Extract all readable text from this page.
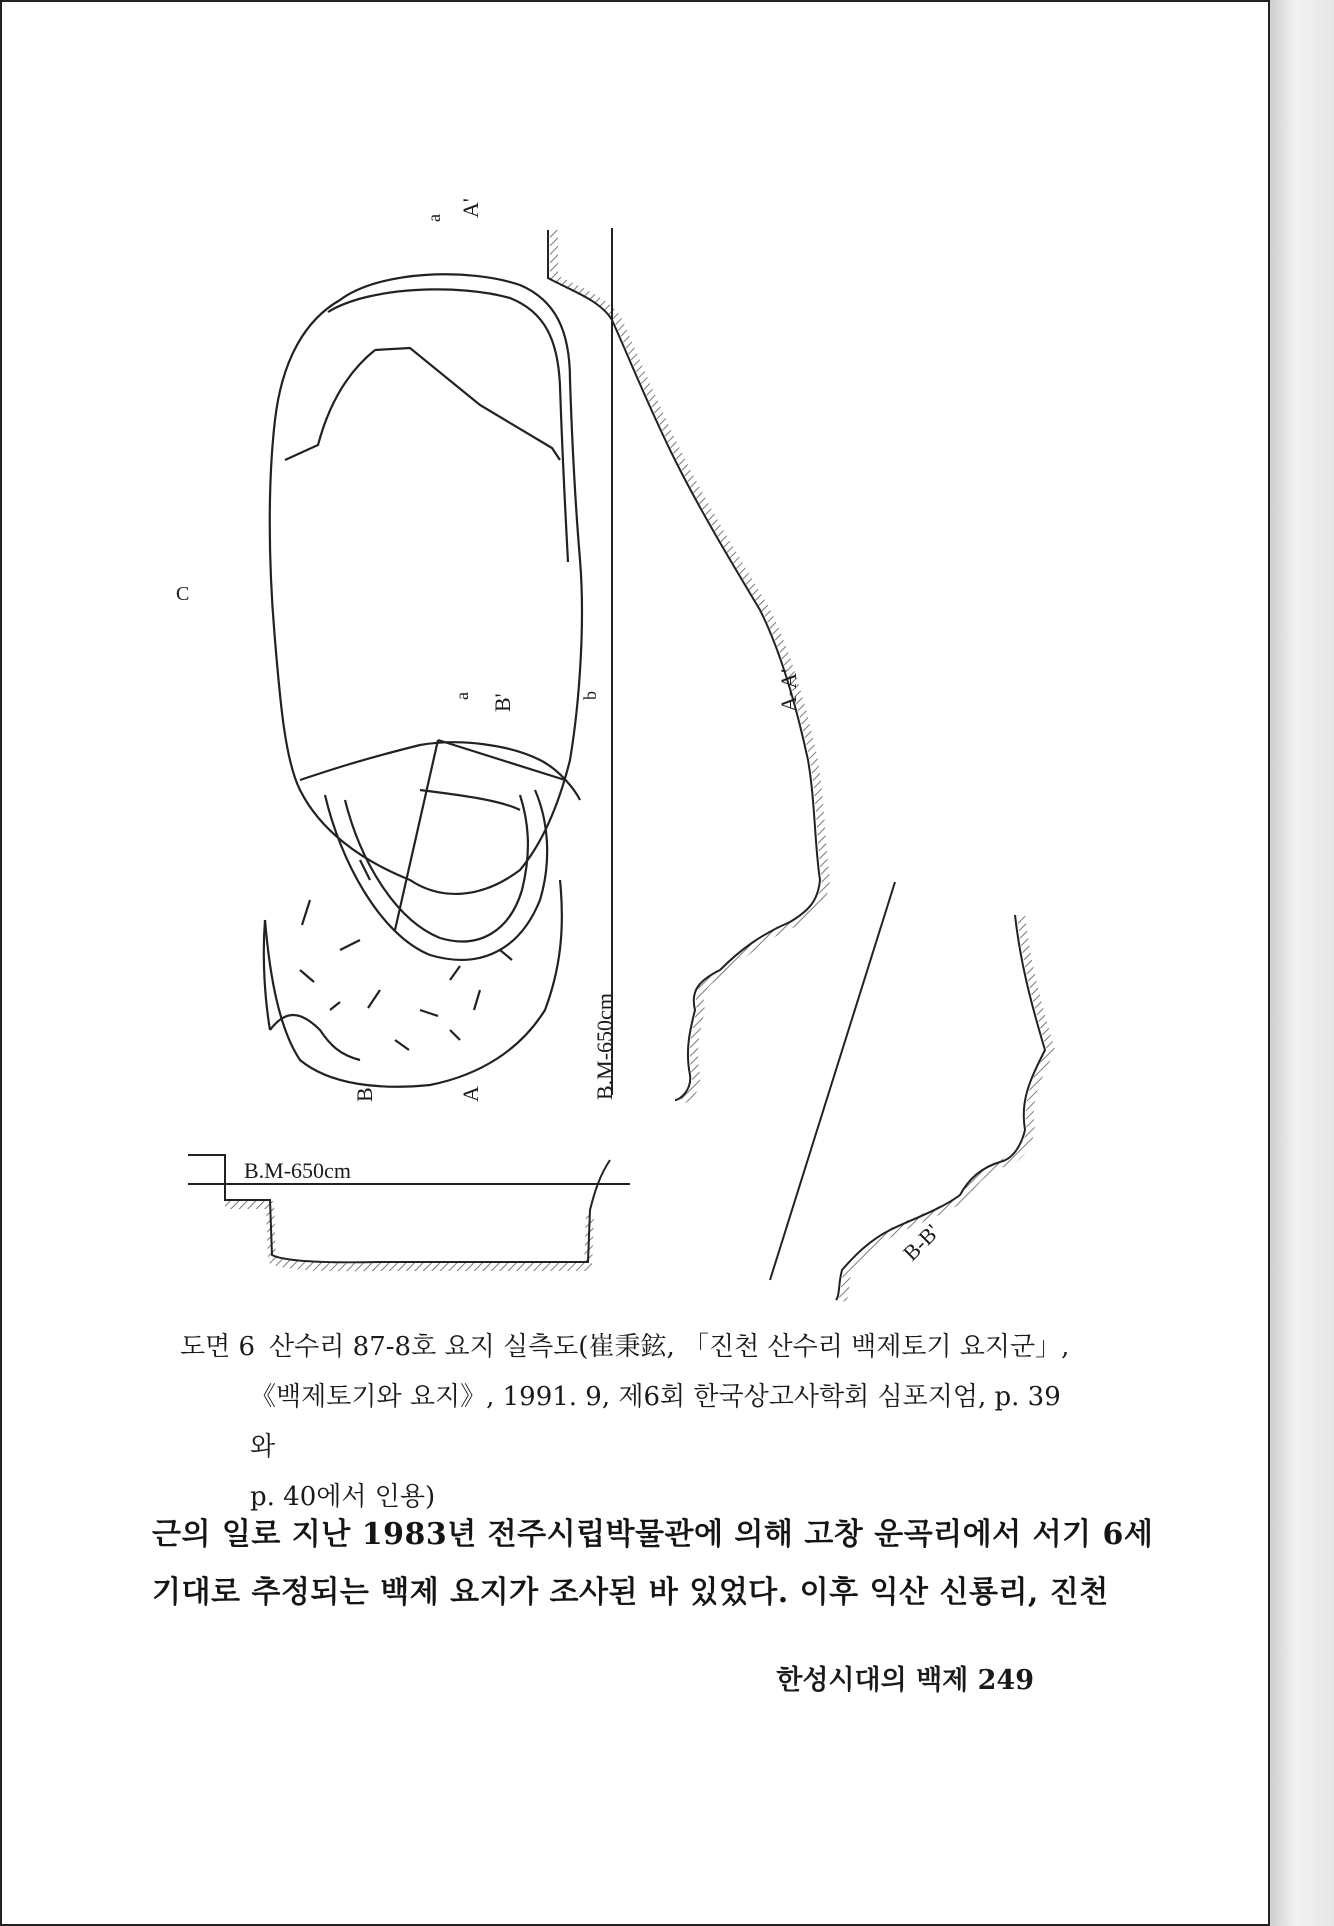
A'
a
C
a B'	b	A-A'
B.M-650cm
B	A
B.M-650cm
B-B'
도면 6 산수리 87-8호 요지 실측도(崔秉鉉, 「진천 산수리 백제토기 요지군」,
《백제토기와 요지》, 1991. 9, 제6회 한국상고사학회 심포지엄, p. 39와
p. 40에서 인용)
근의 일로 지난 1983년 전주시립박물관에 의해 고창 운곡리에서 서기 6세
기대로 추정되는 백제 요지가 조사된 바 있었다. 이후 익산 신룡리, 진천
한성시대의 백제 249
